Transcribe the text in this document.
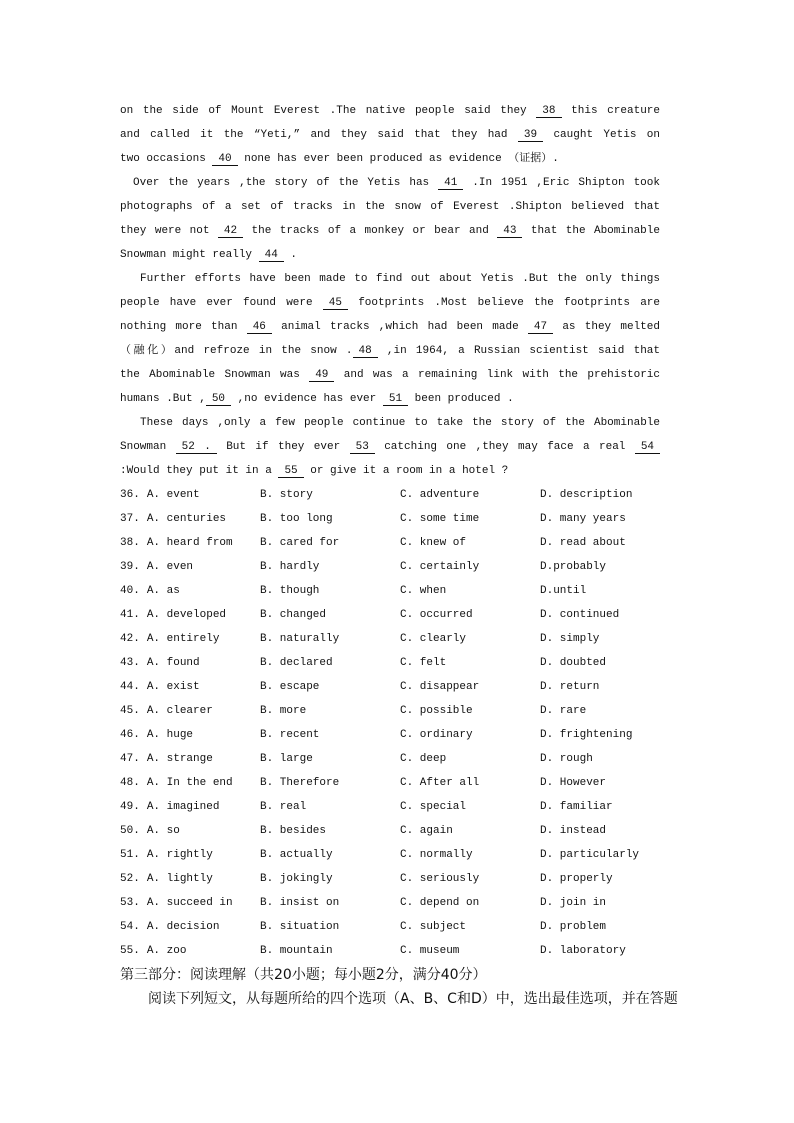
on the side of Mount Everest .The native people said they 38 this creature
and called it the “Yeti,” and they said that they had 39 caught Yetis on
two occasions 40 none has ever been produced as evidence （证据）.
Over the years ,the story of the Yetis has 41 .In 1951 ,Eric Shipton took
photographs of a set of tracks in the snow of Everest .Shipton believed that
they were not 42 the tracks of a monkey or bear and 43 that the Abominable
Snowman might really 44 .
Further efforts have been made to find out about Yetis .But the only things
people have ever found were 45 footprints .Most believe the footprints are
nothing more than 46 animal tracks ,which had been made 47 as they melted
（融化）and refroze in the snow . 48 ,in 1964, a Russian scientist said that
the Abominable Snowman was 49 and was a remaining link with the prehistoric
humans .But , 50 ,no evidence has ever 51 been produced .
These days ,only a few people continue to take the story of the Abominable
Snowman 52 . But if they ever 53 catching one ,they may face a real 54
:Would they put it in a 55 or give it a room in a hotel ?
36. A. event	B. story	C. adventure	D. description
37. A. centuries	B. too long	C. some time	D. many years
38. A. heard from	B. cared for	C. knew of	D. read about
39. A. even	B. hardly	C. certainly	D.probably
40. A. as	B. though	C. when	D.until
41. A. developed	B. changed	C. occurred	D. continued
42. A. entirely	B. naturally	C. clearly	D. simply
43. A. found	B. declared	C. felt	D. doubted
44. A. exist	B. escape	C. disappear	D. return
45. A. clearer	B. more	C. possible	D. rare
46. A. huge	B. recent	C. ordinary	D. frightening
47. A. strange	B. large	C. deep	D. rough
48. A. In the end	B. Therefore	C. After all	D. However
49. A. imagined	B. real	C. special	D. familiar
50. A. so	B. besides	C. again	D. instead
51. A. rightly	B. actually	C. normally	D. particularly
52. A. lightly	B. jokingly	C. seriously	D. properly
53. A. succeed in	B. insist on	C. depend on	D. join in
54. A. decision	B. situation	C. subject	D. problem
55. A. zoo	B. mountain	C. museum	D. laboratory
第三部分：阅读理解（共20小题；每小题2分，满分40分）
阅读下列短文，从每题所给的四个选项（A、B、C和D）中，选出最佳选项，并在答题
